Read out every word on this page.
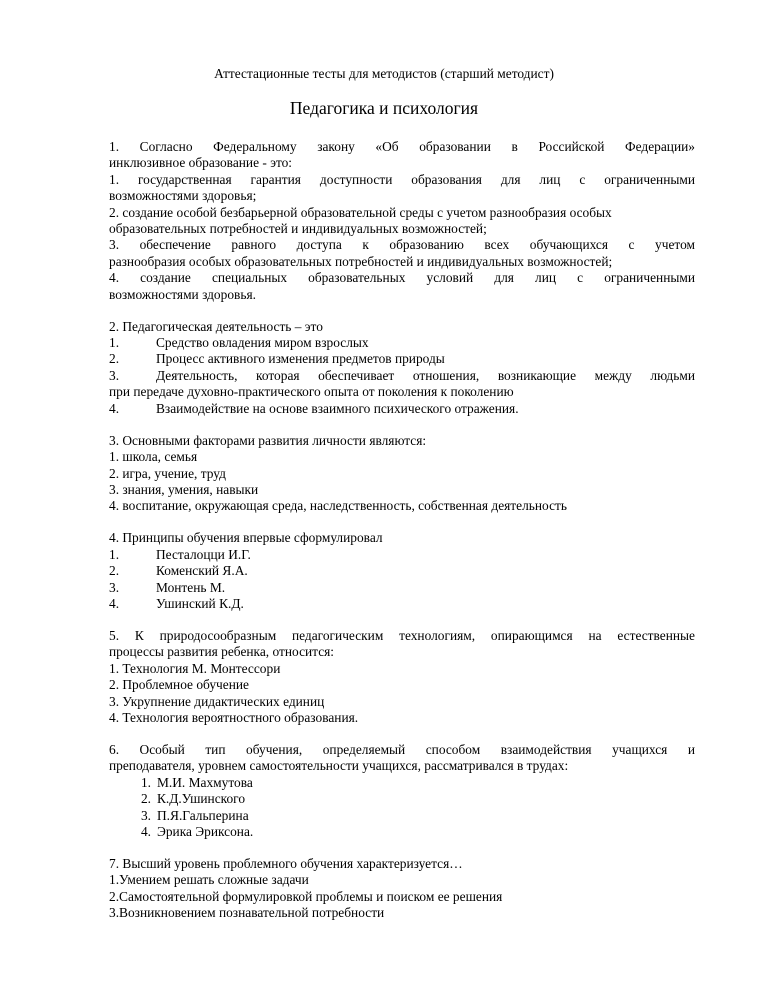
Аттестационные тесты для методистов (старший методист)
Педагогика и психология
1. Согласно Федеральному закону «Об образовании в Российской Федерации»
инклюзивное образование - это:
1. государственная гарантия доступности образования для лиц с ограниченными
возможностями здоровья;
2. создание особой безбарьерной образовательной среды с учетом разнообразия особых
образовательных потребностей и индивидуальных возможностей;
3. обеспечение равного доступа к образованию всех обучающихся с учетом
разнообразия особых образовательных потребностей и индивидуальных возможностей;
4. создание специальных образовательных условий для лиц с ограниченными
возможностями здоровья.
2. Педагогическая деятельность – это
1.	Средство овладения миром взрослых
2.	Процесс активного изменения предметов природы
3.	Деятельность, которая обеспечивает отношения, возникающие между людьми
при передаче духовно-практического опыта от поколения к поколению
4.	Взаимодействие на основе взаимного психического отражения.
3. Основными факторами развития личности являются:
1. школа, семья
2. игра, учение, труд
3. знания, умения, навыки
4. воспитание, окружающая среда, наследственность, собственная деятельность
4. Принципы обучения впервые сформулировал
1.	Песталоцци И.Г.
2.	Коменский Я.А.
3.	Монтень М.
4.	Ушинский К.Д.
5. К природосообразным педагогическим технологиям, опирающимся на естественные
процессы развития ребенка, относится:
1. Технология М. Монтессори
2. Проблемное обучение
3. Укрупнение дидактических единиц
4. Технология вероятностного образования.
6. Особый тип обучения, определяемый способом взаимодействия учащихся и
преподавателя, уровнем самостоятельности учащихся, рассматривался в трудах:
1. М.И. Махмутова
2. К.Д.Ушинского
3. П.Я.Гальперина
4. Эрика Эриксона.
7. Высший уровень проблемного обучения характеризуется…
1.Умением решать сложные задачи
2.Самостоятельной формулировкой проблемы и поиском ее решения
3.Возникновением познавательной потребности
